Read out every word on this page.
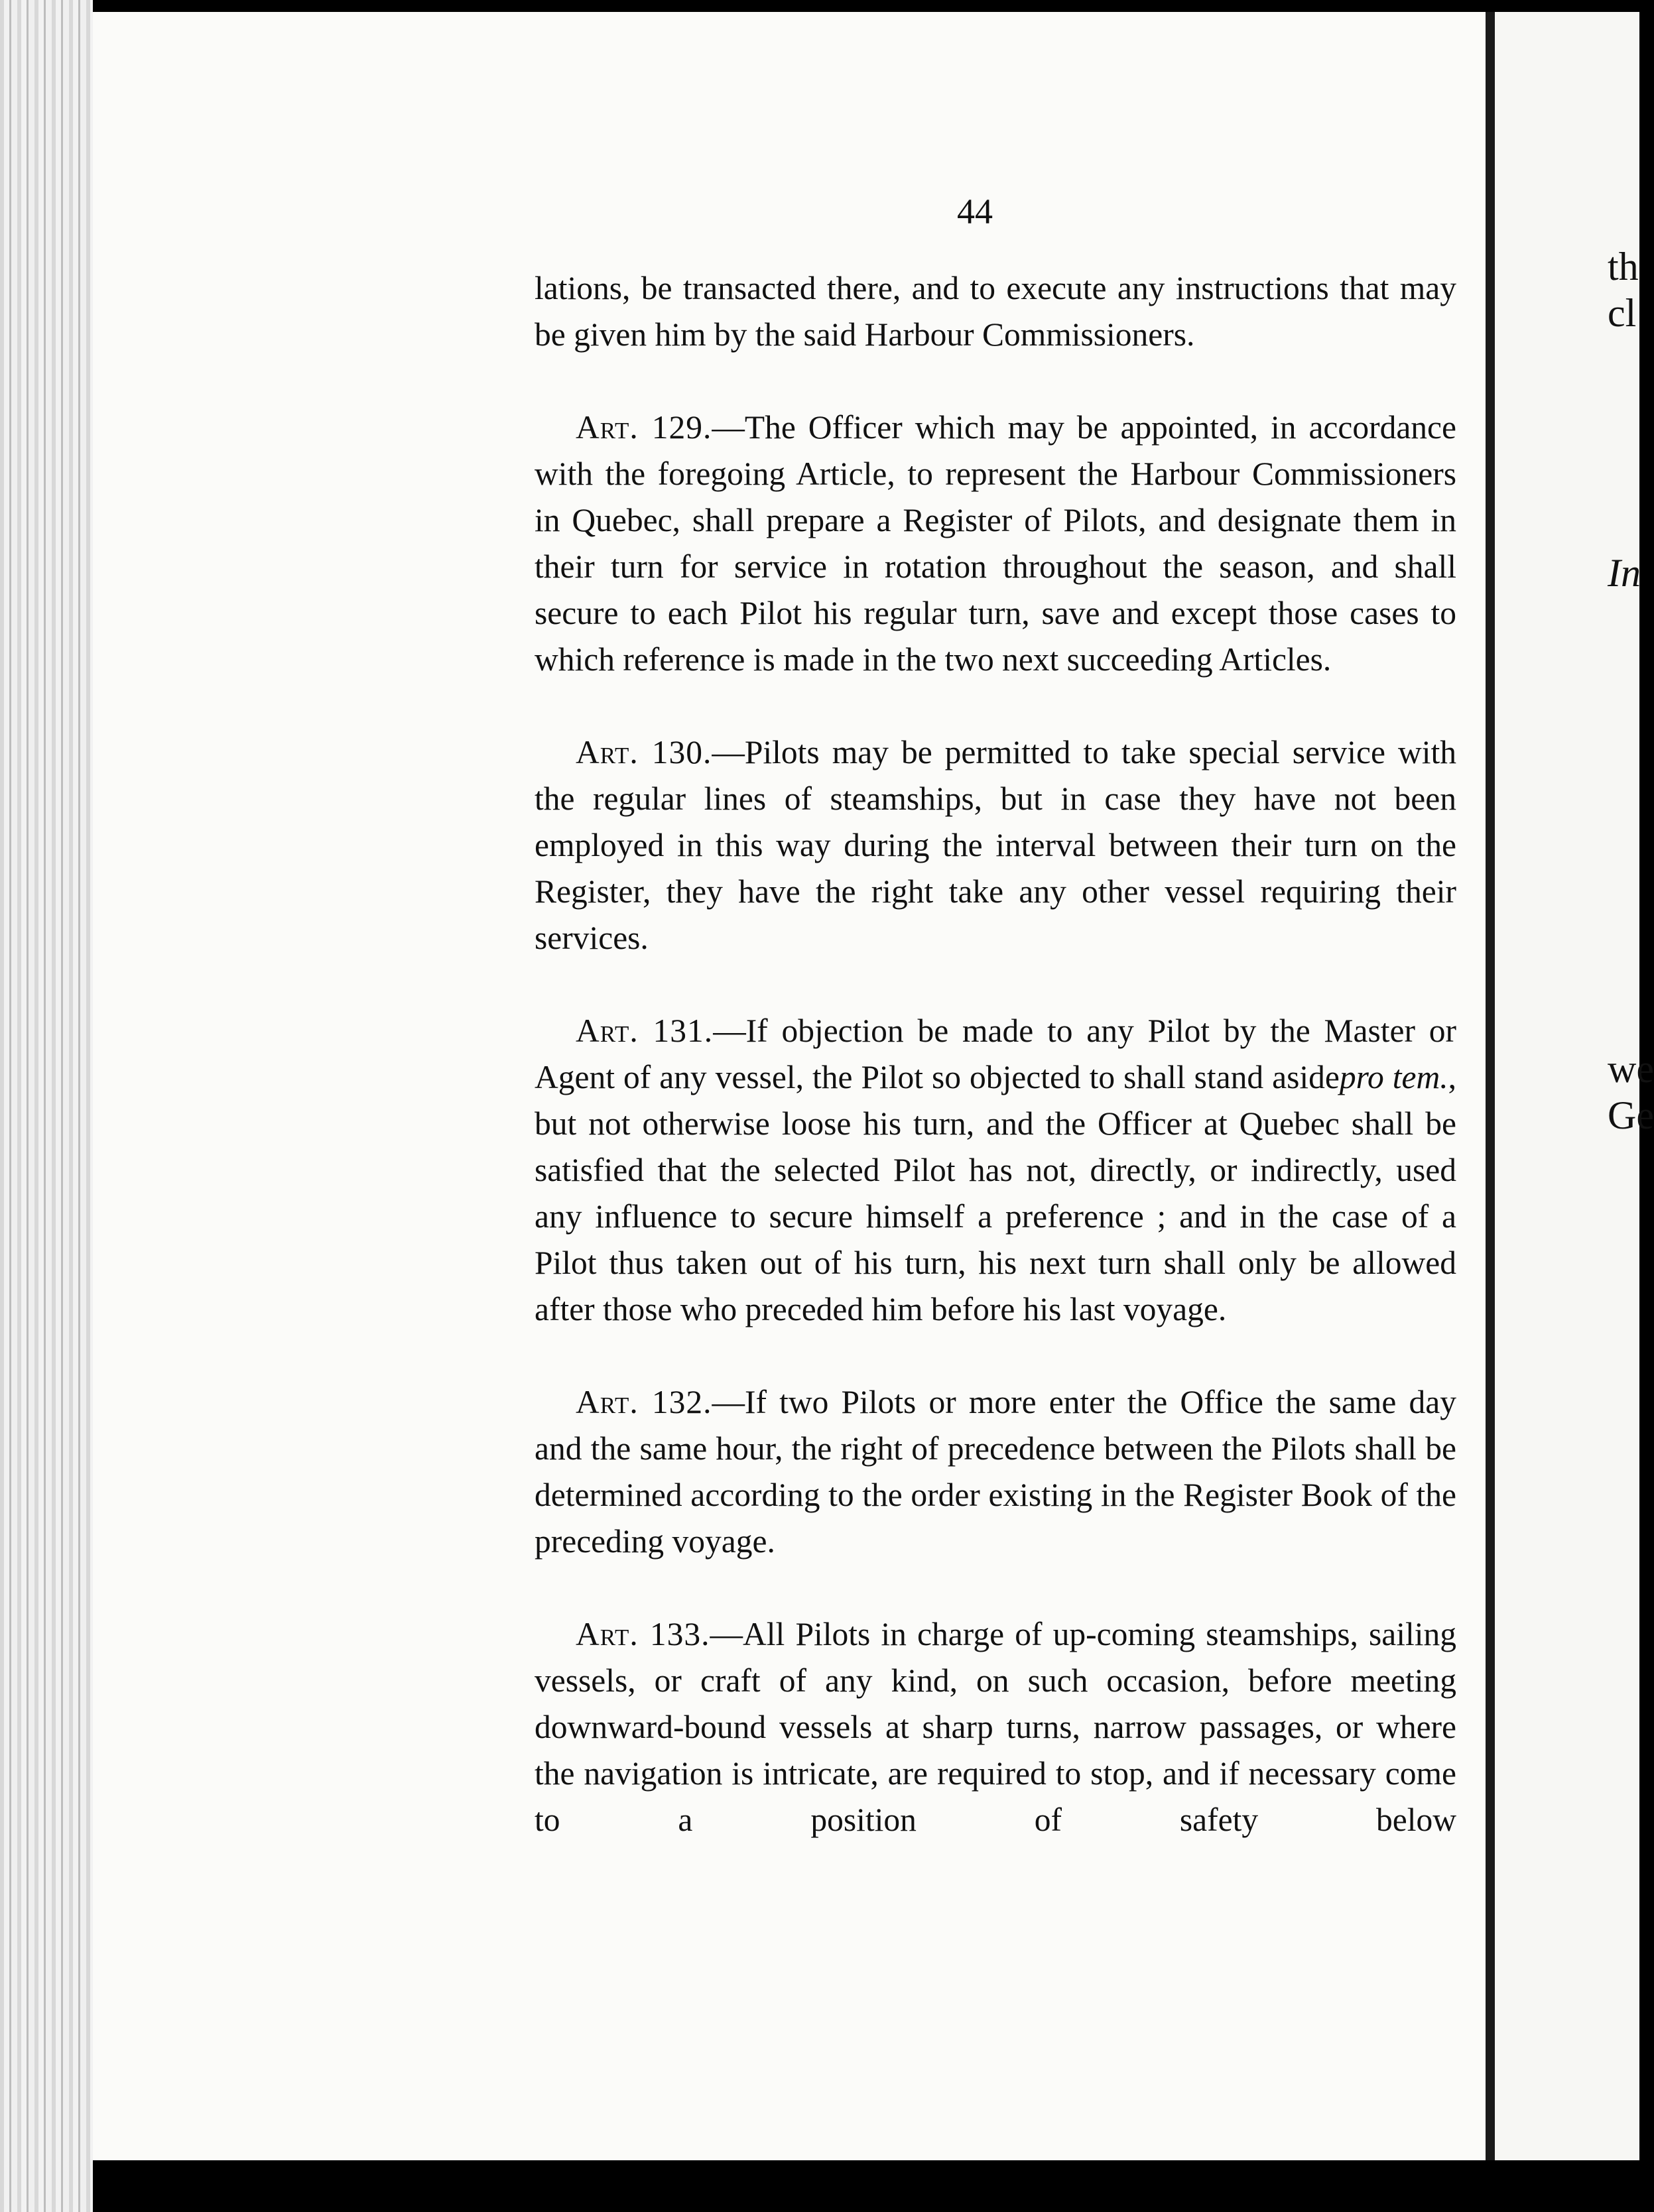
44

lations, be transacted there, and to execute any instructions that may be given him by the said Harbour Commissioners.

Art. 129.—The Officer which may be appointed, in accordance with the foregoing Article, to represent the Harbour Commissioners in Quebec, shall prepare a Register of Pilots, and designate them in their turn for service in rotation throughout the season, and shall secure to each Pilot his regular turn, save and except those cases to which reference is made in the two next succeeding Articles.

Art. 130.—Pilots may be permitted to take special service with the regular lines of steamships, but in case they have not been employed in this way during the interval between their turn on the Register, they have the right take any other vessel requiring their services.

Art. 131.—If objection be made to any Pilot by the Master or Agent of any vessel, the Pilot so objected to shall stand asidepro tem., but not otherwise loose his turn, and the Officer at Quebec shall be satisfied that the selected Pilot has not, directly, or indirectly, used any influence to secure himself a preference ; and in the case of a Pilot thus taken out of his turn, his next turn shall only be allowed after those who preceded him before his last voyage.

Art. 132.—If two Pilots or more enter the Office the same day and the same hour, the right of precedence between the Pilots shall be determined according to the order existing in the Register Book of the preceding voyage.

Art. 133.—All Pilots in charge of up-coming steamships, sailing vessels, or craft of any kind, on such occasion, before meeting downward-bound vessels at sharp turns, narrow passages, or where the navigation is intricate, are required to stop, and if necessary come to a position of safety below

th
cl
In
we
Ge
